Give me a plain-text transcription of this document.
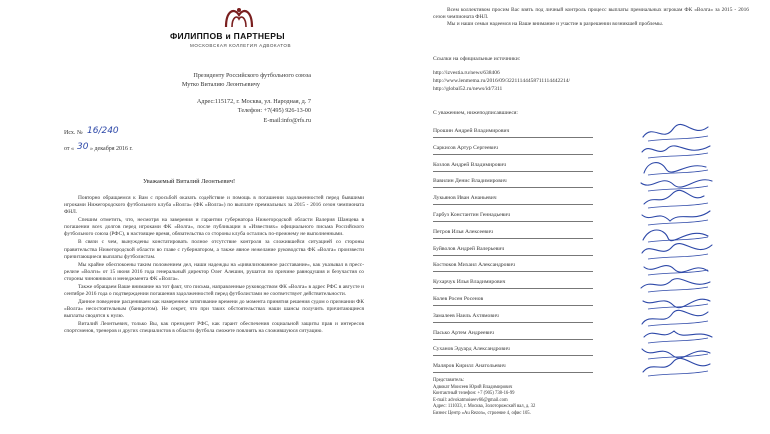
ФИЛИППОВ и ПАРТНЕРЫ
МОСКОВСКАЯ КОЛЛЕГИЯ АДВОКАТОВ
Президенту Российского футбольного союза
Мутко Виталию Леонтьевичу
Адрес:115172, г. Москва, ул. Народная, д. 7
Телефон: +7(495) 926-13-00
E-mail:info@rfs.ru
Исх. № 16/240
от « 30 » декабря 2016 г.
Уважаемый Виталий Леонтьевич!

Повторно обращаемся к Вам с просьбой оказать содействие и помощь в погашении задолженностей перед бывшими игроками Нижегородского футбольного клуба «Волга» (ФК «Волга») по выплате премиальных за 2015 - 2016 сезон чемпионата ФНЛ.

Спешим отметить, что, несмотря на заверения и гарантии губернатора Нижегородской области Валерия Шанцева в погашении всех долгов перед игроками ФК «Волга», после публикации в «Известиях» официального письма Российского футбольного союза (РФС), в настоящее время, обязательства со стороны клуба остались по-прежнему не выполненными.

В связи с чем, вынуждены констатировать полное отсутствие контроля за сложившейся ситуацией со стороны правительства Нижегородской области во главе с губернатором, а также явное нежелание руководства ФК «Волга» произвести причитающиеся выплаты футболистам.

Мы крайне обеспокоены таким положением дел, наши надежды на «цивилизованное расставание», как указывал в пресс-релизе «Волги» от 15 июня 2016 года генеральный директор Олег Алешин, рушатся по причине равнодушия и безучастия со стороны чиновников и менеджмента ФК «Волга».

Также обращаем Ваше внимание на тот факт, что письма, направленные руководством ФК «Волга» в адрес РФС в августе и сентябре 2016 года о подтверждении погашения задолженностей перед футболистами не соответствует действительности.

Данное поведение расцениваем как намеренное затягивание времени до момента принятия решения судом о признании ФК «Волга» несостоятельным (банкротом). Не секрет, что при таких обстоятельствах наши шансы получить причитающиеся выплаты сводятся к нулю.

Виталий Леонтьевич, только Вы, как президент РФС, как гарант обеспечения социальной защиты прав и интересов спортсменов, тренеров и других специалистов в области футбола сможете повлиять на сложившуюся ситуацию.

Всем коллективом просим Вас взять под личный контроль процесс выплаты премиальных игрокам ФК «Волга» за 2015 - 2016 сезон чемпионата ФНЛ.

Мы и наши семьи надеемся на Ваше внимание и участие в разрешении возникшей проблемы.

Ссылки на официальные источники:
http://izvestia.ru/news/638406
http://www.lenmema.ru/2016/09/32211144458711114442214/
http://global52.ru/news/id/7311
С уважением, нижеподписавшиеся:
Прошин Андрей Владимирович
Саркисов Артур Сергеевич
Козлов Андрей Владимирович
Вавилин Денис Владимирович
Лукьянов Иван Ананьевич
Гарбуз Константин Геннадьевич
Петров Илья Алексеевич
Буйволов Андрей Валерьевич
Костюков Михаил Александрович
Кухарчук Илья Владимирович
Колев Росен Росенов
Замалеев Наиль Ахтямович
Пасько Артем Андреевич
Суханов Эдуард Александрович
Маляров Кирилл Анатольевич
Представитель:
Адвокат Моисеев Юрий Владимирович
Контактный телефон: +7 (905) 738-16-99
E-mail: advokatmoiseev66@gmail.com
Адрес: 111033, г. Москва, Золоторожский вал, д. 32
Бизнес Центр «Au Rezon», строение 4, офис 105.
